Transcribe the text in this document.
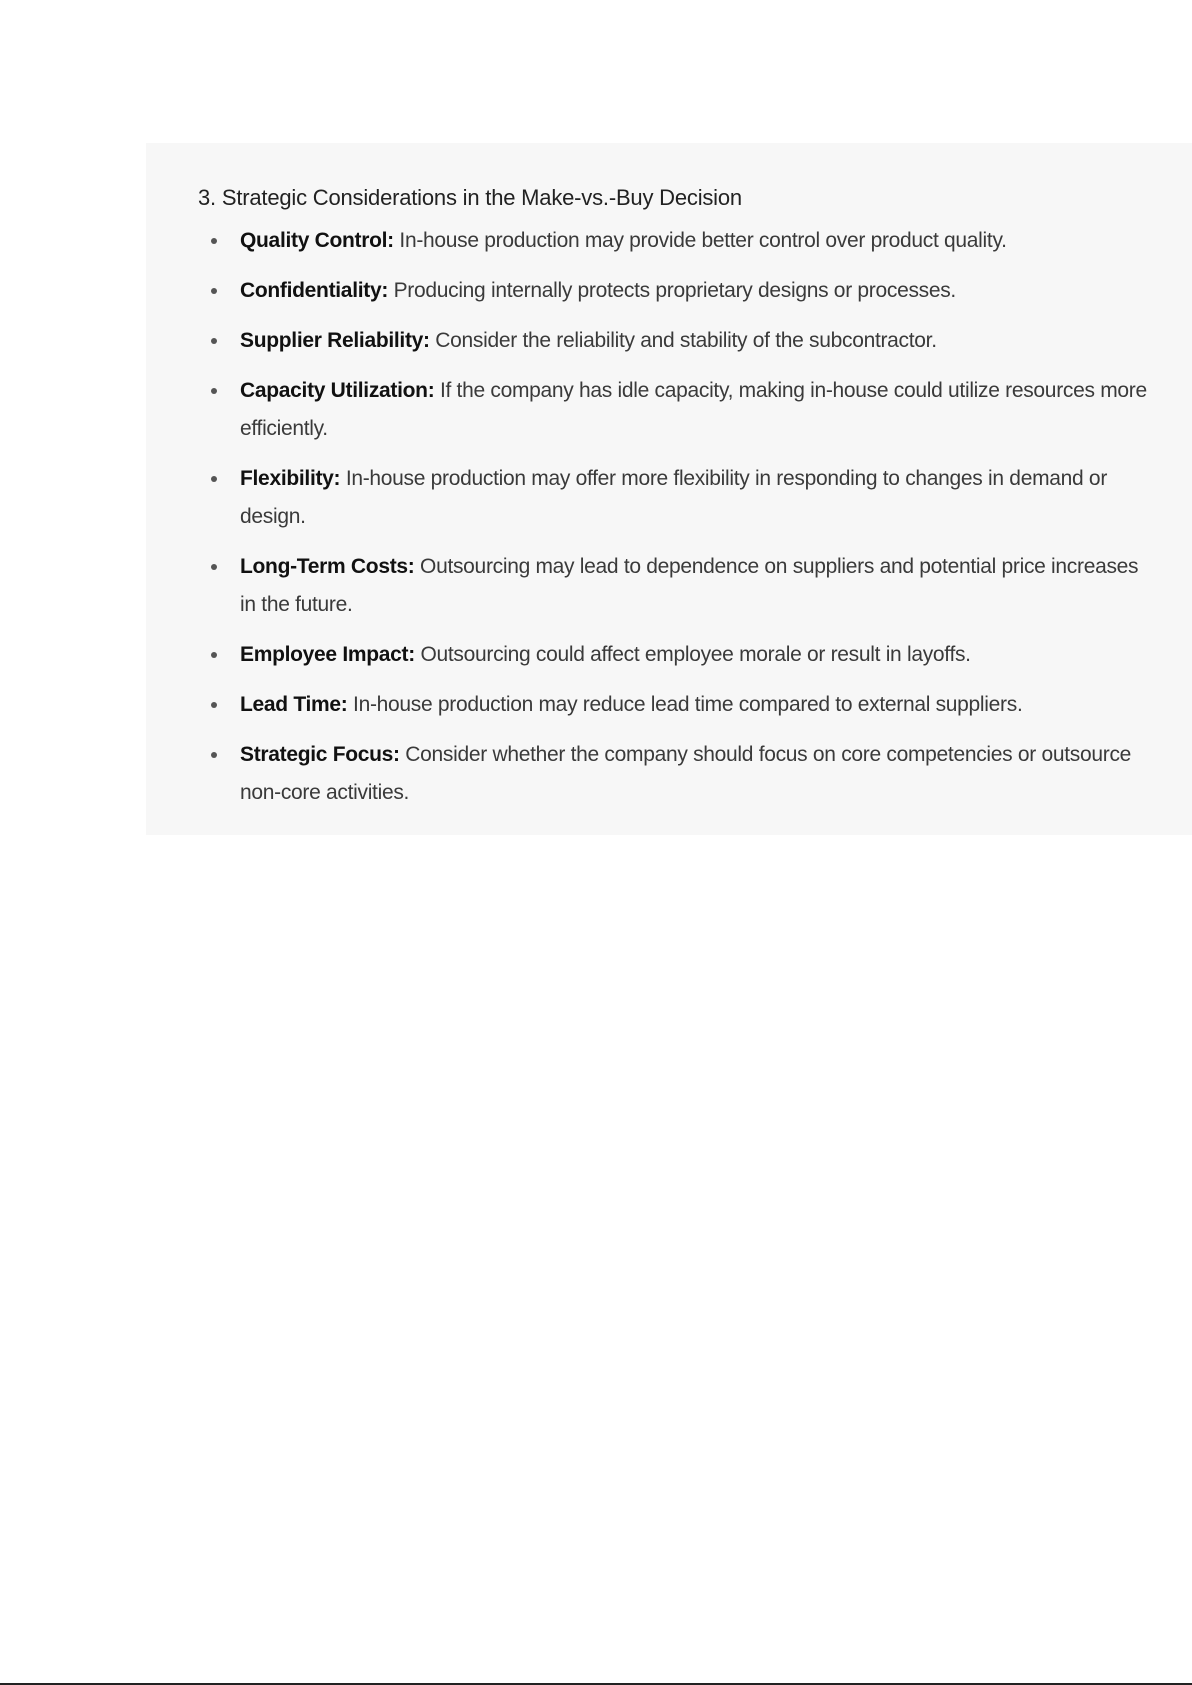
3. Strategic Considerations in the Make-vs.-Buy Decision
Quality Control: In-house production may provide better control over product quality.
Confidentiality: Producing internally protects proprietary designs or processes.
Supplier Reliability: Consider the reliability and stability of the subcontractor.
Capacity Utilization: If the company has idle capacity, making in-house could utilize resources more efficiently.
Flexibility: In-house production may offer more flexibility in responding to changes in demand or design.
Long-Term Costs: Outsourcing may lead to dependence on suppliers and potential price increases in the future.
Employee Impact: Outsourcing could affect employee morale or result in layoffs.
Lead Time: In-house production may reduce lead time compared to external suppliers.
Strategic Focus: Consider whether the company should focus on core competencies or outsource non-core activities.
